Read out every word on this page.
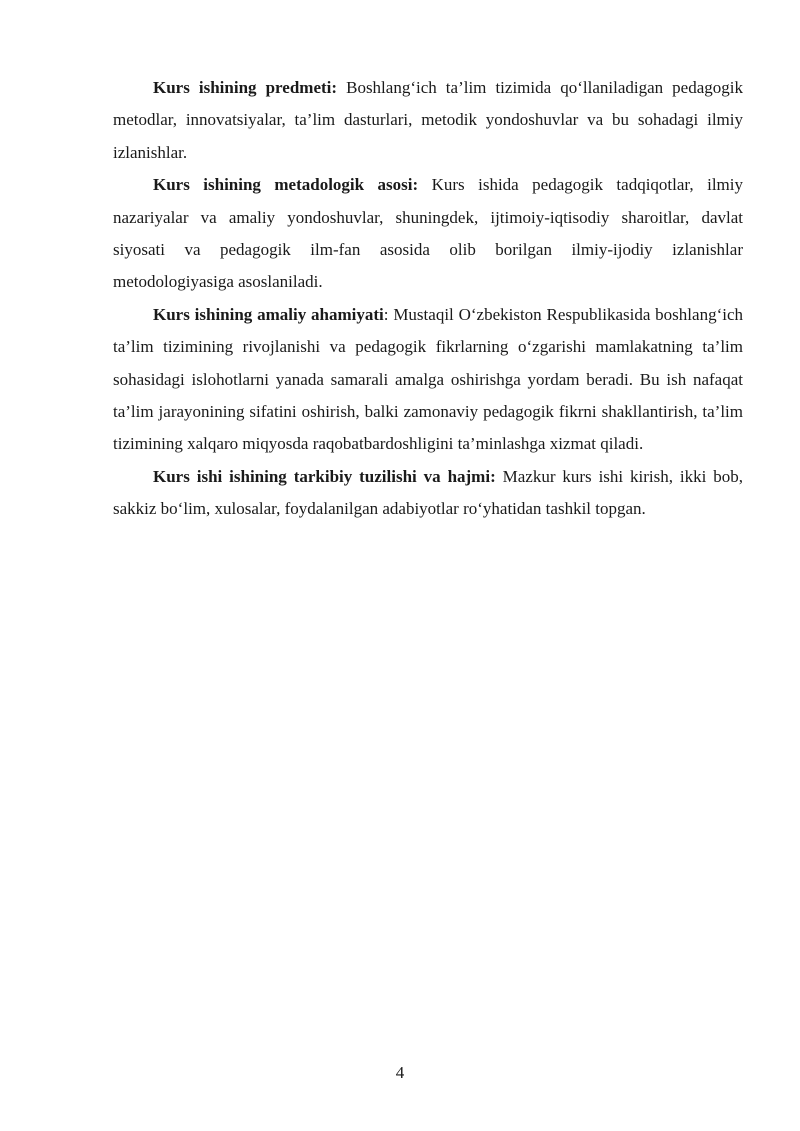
Kurs ishining predmeti: Boshlang‘ich ta’lim tizimida qo‘llaniladigan pedagogik metodlar, innovatsiyalar, ta’lim dasturlari, metodik yondoshuvlar va bu sohadagi ilmiy izlanishlar.

Kurs ishining metadologik asosi: Kurs ishida pedagogik tadqiqotlar, ilmiy nazariyalar va amaliy yondoshuvlar, shuningdek, ijtimoiy-iqtisodiy sharoitlar, davlat siyosati va pedagogik ilm-fan asosida olib borilgan ilmiy-ijodiy izlanishlar metodologiyasiga asoslaniladi.

Kurs ishining amaliy ahamiyati: Mustaqil O‘zbekiston Respublikasida boshlang‘ich ta’lim tizimining rivojlanishi va pedagogik fikrlarning o‘zgarishi mamlakatning ta’lim sohasidagi islohotlarni yanada samarali amalga oshirishga yordam beradi. Bu ish nafaqat ta’lim jarayonining sifatini oshirish, balki zamonaviy pedagogik fikrni shakllantirish, ta’lim tizimining xalqaro miqyosda raqobatbardoshligini ta’minlashga xizmat qiladi.

Kurs ishi ishining tarkibiy tuzilishi va hajmi: Mazkur kurs ishi kirish, ikki bob, sakkiz bo‘lim, xulosalar, foydalanilgan adabiyotlar ro‘yhatidan tashkil topgan.

4
